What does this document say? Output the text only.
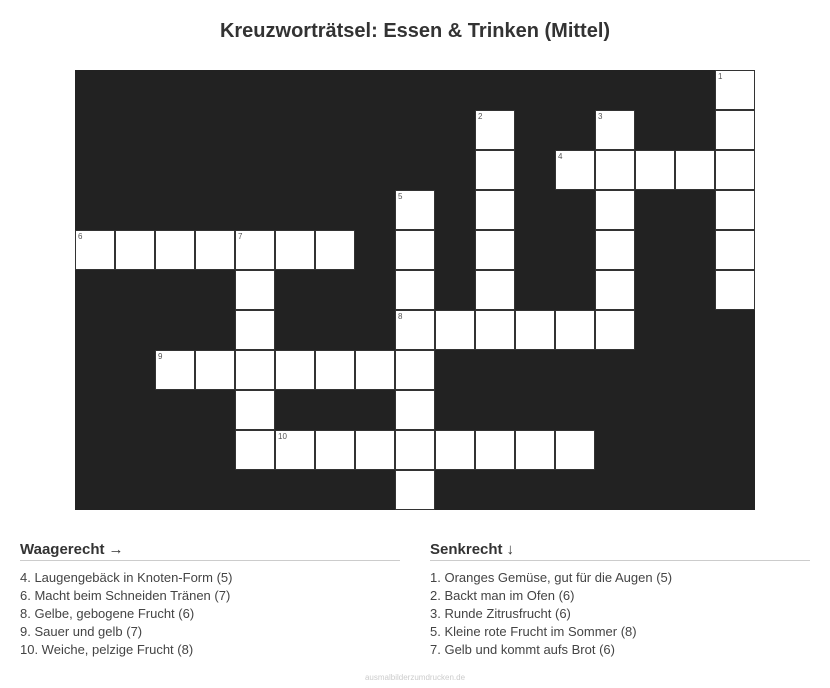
Kreuzworträtsel: Essen & Trinken (Mittel)
1
2	3
4
5
6	7
8
9
10
Waagerecht →
4. Laugengebäck in Knoten-Form (5)
6. Macht beim Schneiden Tränen (7)
8. Gelbe, gebogene Frucht (6)
9. Sauer und gelb (7)
10. Weiche, pelzige Frucht (8)
Senkrecht ↓
1. Oranges Gemüse, gut für die Augen (5)
2. Backt man im Ofen (6)
3. Runde Zitrusfrucht (6)
5. Kleine rote Frucht im Sommer (8)
7. Gelb und kommt aufs Brot (6)
ausmalbilderzumdrucken.de
